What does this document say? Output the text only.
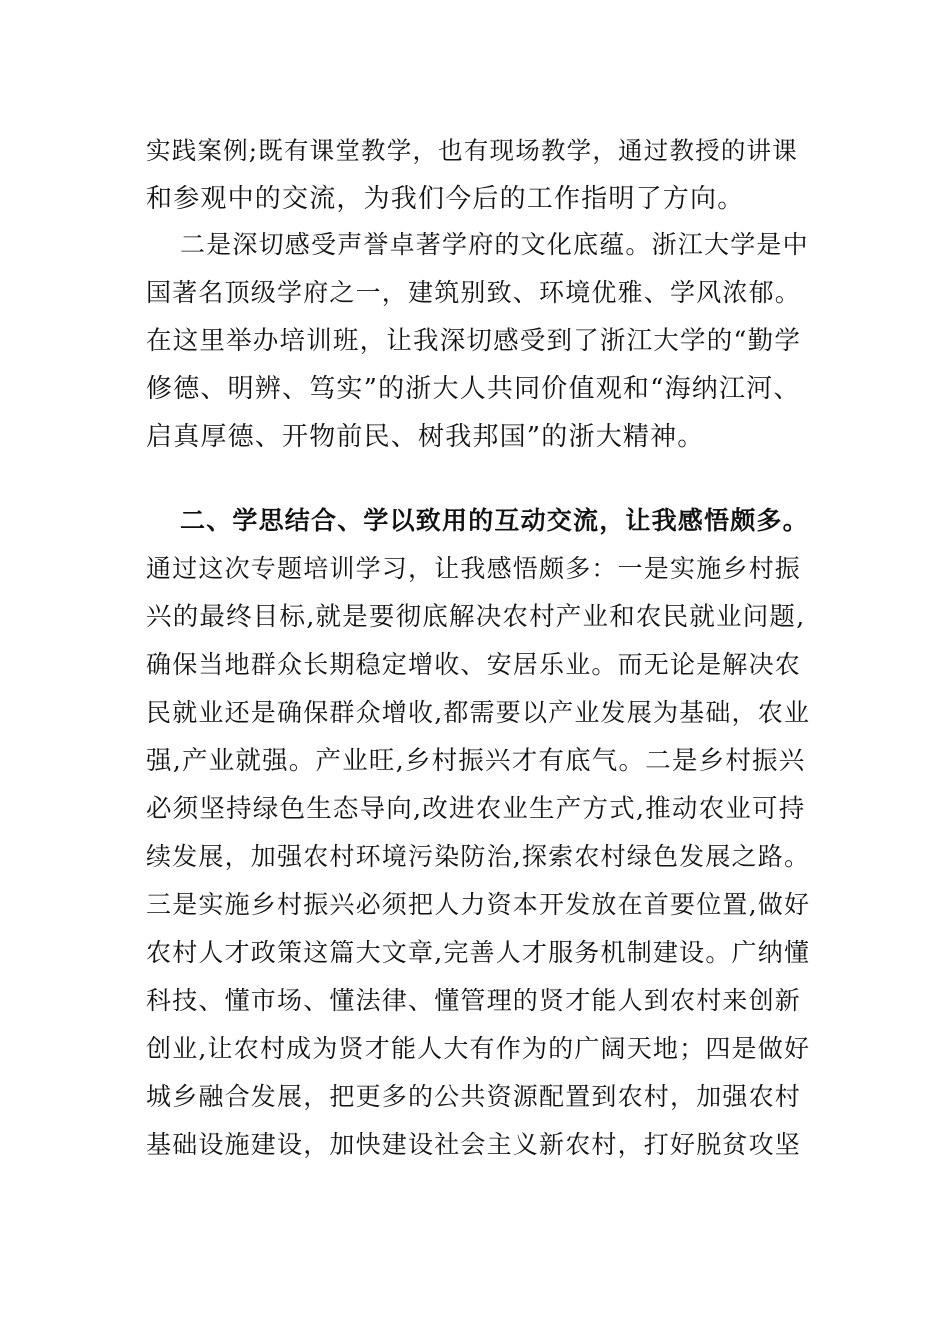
实践案例;既有课堂教学，也有现场教学，通过教授的讲课
和参观中的交流，为我们今后的工作指明了方向。
二是深切感受声誉卓著学府的文化底蕴。浙江大学是中
国著名顶级学府之一，建筑别致、环境优雅、学风浓郁。
在这里举办培训班，让我深切感受到了浙江大学的“勤学
修德、明辨、笃实”的浙大人共同价值观和“海纳江河、
启真厚德、开物前民、树我邦国”的浙大精神。
二、学思结合、学以致用的互动交流，让我感悟颇多。
通过这次专题培训学习，让我感悟颇多：一是实施乡村振
兴的最终目标,就是要彻底解决农村产业和农民就业问题,
确保当地群众长期稳定增收、安居乐业。而无论是解决农
民就业还是确保群众增收,都需要以产业发展为基础，农业
强,产业就强。产业旺,乡村振兴才有底气。二是乡村振兴
必须坚持绿色生态导向,改进农业生产方式,推动农业可持
续发展，加强农村环境污染防治,探索农村绿色发展之路。
三是实施乡村振兴必须把人力资本开发放在首要位置,做好
农村人才政策这篇大文章,完善人才服务机制建设。广纳懂
科技、懂市场、懂法律、懂管理的贤才能人到农村来创新
创业,让农村成为贤才能人大有作为的广阔天地；四是做好
城乡融合发展，把更多的公共资源配置到农村，加强农村
基础设施建设，加快建设社会主义新农村，打好脱贫攻坚
